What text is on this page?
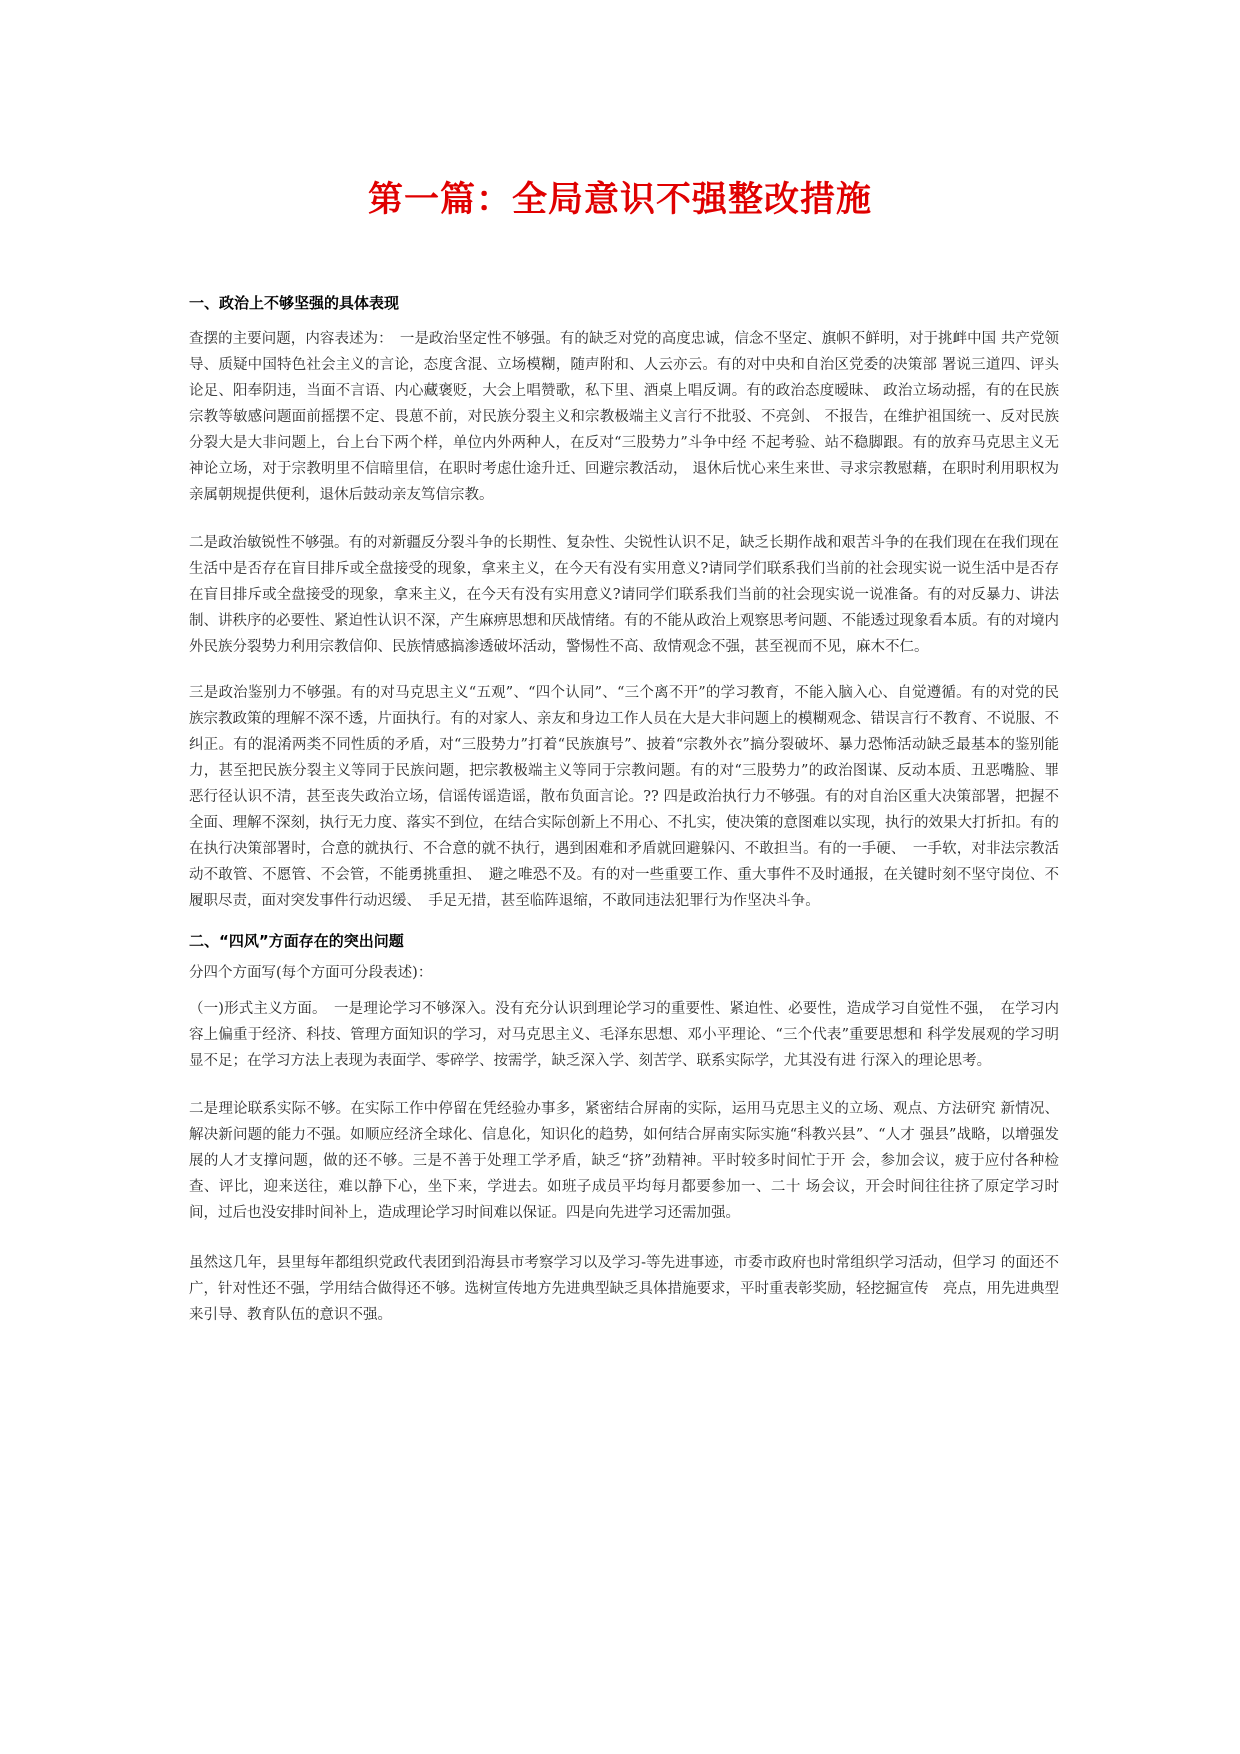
第一篇：全局意识不强整改措施
一、政治上不够坚强的具体表现

查摆的主要问题，内容表述为：　一是政治坚定性不够强。有的缺乏对党的高度忠诚，信念不坚定、旗帜不鲜明，对于挑衅中国 共产党领导、质疑中国特色社会主义的言论，态度含混、立场模糊，随声附和、人云亦云。有的对中央和自治区党委的决策部 署说三道四、评头论足、阳奉阴违，当面不言语、内心藏褒贬，大会上唱赞歌，私下里、酒桌上唱反调。有的政治态度暧昧、 政治立场动摇，有的在民族宗教等敏感问题面前摇摆不定、畏葸不前，对民族分裂主义和宗教极端主义言行不批驳、不亮剑、 不报告，在维护祖国统一、反对民族分裂大是大非问题上，台上台下两个样，单位内外两种人，在反对“三股势力”斗争中经 不起考验、站不稳脚跟。有的放弃马克思主义无神论立场，对于宗教明里不信暗里信，在职时考虑仕途升迁、回避宗教活动， 退休后忧心来生来世、寻求宗教慰藉，在职时利用职权为亲属朝规提供便利，退休后鼓动亲友笃信宗教。

二是政治敏锐性不够强。有的对新疆反分裂斗争的长期性、复杂性、尖锐性认识不足，缺乏长期作战和艰苦斗争的在我们现在在我们现在生活中是否存在盲目排斥或全盘接受的现象，拿来主义，在今天有没有实用意义?请同学们联系我们当前的社会现实说一说生活中是否存在盲目排斥或全盘接受的现象，拿来主义，在今天有没有实用意义?请同学们联系我们当前的社会现实说一说准备。有的对反暴力、讲法制、讲秩序的必要性、紧迫性认识不深，产生麻痹思想和厌战情绪。有的不能从政治上观察思考问题、不能透过现象看本质。有的对境内外民族分裂势力利用宗教信仰、民族情感搞渗透破坏活动，警惕性不高、敌情观念不强，甚至视而不见，麻木不仁。

三是政治鉴别力不够强。有的对马克思主义“五观”、“四个认同”、“三个离不开”的学习教育，不能入脑入心、自觉遵循。有的对党的民族宗教政策的理解不深不透，片面执行。有的对家人、亲友和身边工作人员在大是大非问题上的模糊观念、错误言行不教育、不说服、不纠正。有的混淆两类不同性质的矛盾，对“三股势力”打着“民族旗号”、披着“宗教外衣”搞分裂破坏、暴力恐怖活动缺乏最基本的鉴别能力，甚至把民族分裂主义等同于民族问题，把宗教极端主义等同于宗教问题。有的对“三股势力”的政治图谋、反动本质、丑恶嘴脸、罪恶行径认识不清，甚至丧失政治立场，信谣传谣造谣，散布负面言论。?? 四是政治执行力不够强。有的对自治区重大决策部署，把握不全面、理解不深刻，执行无力度、落实不到位，在结合实际创新上不用心、不扎实，使决策的意图难以实现，执行的效果大打折扣。有的在执行决策部署时，合意的就执行、不合意的就不执行，遇到困难和矛盾就回避躲闪、不敢担当。有的一手硬、　一手软，对非法宗教活动不敢管、不愿管、不会管，不能勇挑重担、　避之唯恐不及。有的对一些重要工作、重大事件不及时通报，在关键时刻不坚守岗位、不履职尽责，面对突发事件行动迟缓、　手足无措，甚至临阵退缩，不敢同违法犯罪行为作坚决斗争。

二、“四风”方面存在的突出问题

分四个方面写(每个方面可分段表述)：

（一)形式主义方面。　一是理论学习不够深入。没有充分认识到理论学习的重要性、紧迫性、必要性，造成学习自觉性不强，　在学习内容上偏重于经济、科技、管理方面知识的学习，对马克思主义、毛泽东思想、邓小平理论、“三个代表”重要思想和 科学发展观的学习明显不足；在学习方法上表现为表面学、零碎学、按需学，缺乏深入学、刻苦学、联系实际学，尤其没有进 行深入的理论思考。

二是理论联系实际不够。在实际工作中停留在凭经验办事多，紧密结合屏南的实际，运用马克思主义的立场、观点、方法研究 新情况、解决新问题的能力不强。如顺应经济全球化、信息化，知识化的趋势，如何结合屏南实际实施“科教兴县”、“人才 强县”战略，以增强发展的人才支撑问题，做的还不够。三是不善于处理工学矛盾，缺乏“挤”劲精神。平时较多时间忙于开 会，参加会议，疲于应付各种检查、评比，迎来送往，难以静下心，坐下来，学进去。如班子成员平均每月都要参加一、二十 场会议，开会时间往往挤了原定学习时间，过后也没安排时间补上，造成理论学习时间难以保证。四是向先进学习还需加强。

虽然这几年，县里每年都组织党政代表团到沿海县市考察学习以及学习-等先进事迹，市委市政府也时常组织学习活动，但学习 的面还不广，针对性还不强，学用结合做得还不够。选树宣传地方先进典型缺乏具体措施要求，平时重表彰奖励，轻挖掘宣传　亮点，用先进典型来引导、教育队伍的意识不强。
